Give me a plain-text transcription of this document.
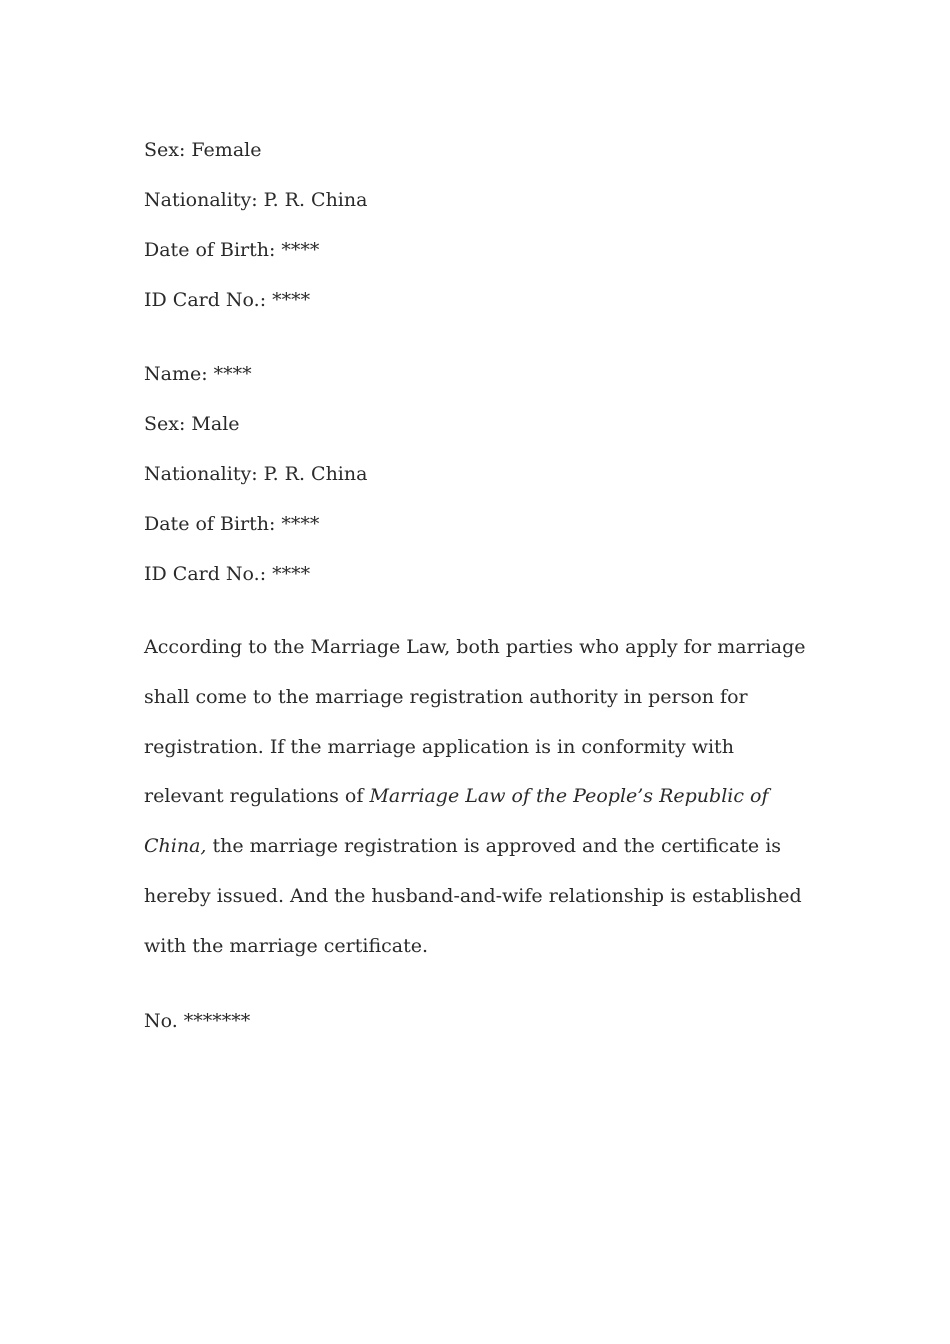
Sex: Female

Nationality: P. R. China

Date of Birth: ****

ID Card No.: ****

Name: ****

Sex: Male

Nationality: P. R. China

Date of Birth: ****

ID Card No.: ****

According to the Marriage Law, both parties who apply for marriage shall come to the marriage registration authority in person for registration. If the marriage application is in conformity with relevant regulations of Marriage Law of the People’s Republic of China, the marriage registration is approved and the certificate is hereby issued. And the husband-and-wife relationship is established with the marriage certificate.

No. *******
